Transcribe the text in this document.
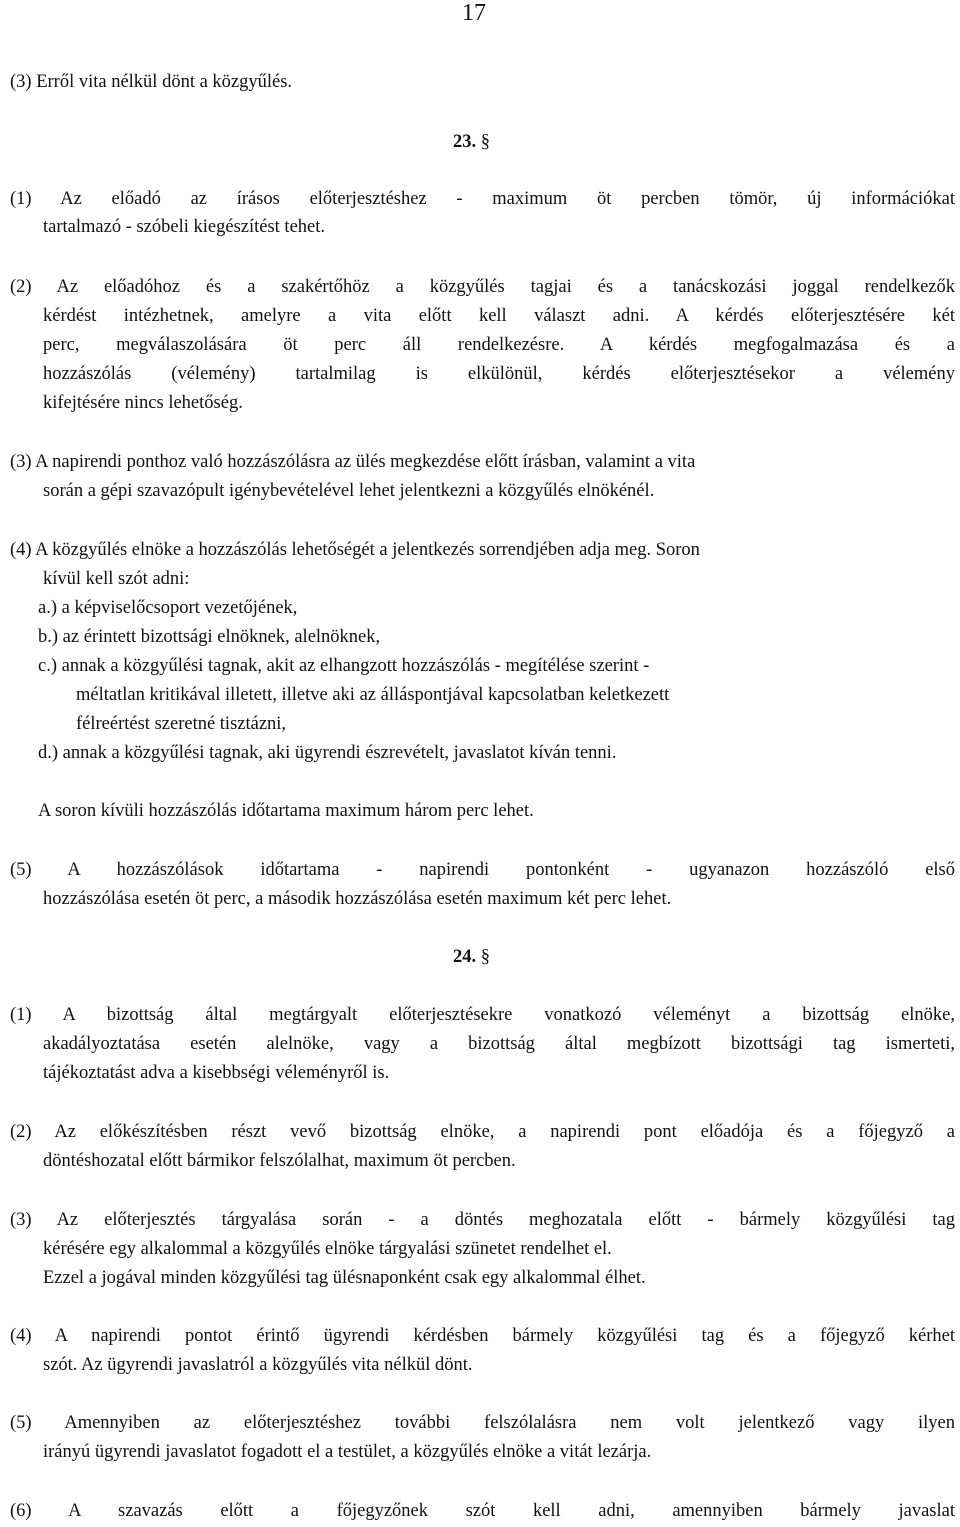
17
(3) Erről vita nélkül dönt a közgyűlés.
23. §
(1) Az előadó az írásos előterjesztéshez - maximum öt percben tömör, új információkat
tartalmazó - szóbeli kiegészítést tehet.
(2) Az előadóhoz és a szakértőhöz a közgyűlés tagjai és a tanácskozási joggal rendelkezők
kérdést intézhetnek, amelyre a vita előtt kell választ adni. A kérdés előterjesztésére két
perc, megválaszolására öt perc áll rendelkezésre. A kérdés megfogalmazása és a
hozzászólás (vélemény) tartalmilag is elkülönül, kérdés előterjesztésekor a vélemény
kifejtésére nincs lehetőség.
(3) A napirendi ponthoz való hozzászólásra az ülés megkezdése előtt írásban, valamint a vita
során a gépi szavazópult igénybevételével lehet jelentkezni a közgyűlés elnökénél.
(4) A közgyűlés elnöke a hozzászólás lehetőségét a jelentkezés sorrendjében adja meg. Soron
kívül kell szót adni:
a.) a képviselőcsoport vezetőjének,
b.) az érintett bizottsági elnöknek, alelnöknek,
c.) annak a közgyűlési tagnak, akit az elhangzott hozzászólás - megítélése szerint -
méltatlan kritikával illetett, illetve aki az álláspontjával kapcsolatban keletkezett
félreértést szeretné tisztázni,
d.) annak a közgyűlési tagnak, aki ügyrendi észrevételt, javaslatot kíván tenni.
A soron kívüli hozzászólás időtartama maximum három perc lehet.
(5) A hozzászólások időtartama - napirendi pontonként - ugyanazon hozzászóló első
hozzászólása esetén öt perc, a második hozzászólása esetén maximum két perc lehet.
24. §
(1) A bizottság által megtárgyalt előterjesztésekre vonatkozó véleményt a bizottság elnöke,
akadályoztatása esetén alelnöke, vagy a bizottság által megbízott bizottsági tag ismerteti,
tájékoztatást adva a kisebbségi véleményről is.
(2) Az előkészítésben részt vevő bizottság elnöke, a napirendi pont előadója és a főjegyző a
döntéshozatal előtt bármikor felszólalhat, maximum öt percben.
(3) Az előterjesztés tárgyalása során - a döntés meghozatala előtt - bármely közgyűlési tag
kérésére egy alkalommal a közgyűlés elnöke tárgyalási szünetet rendelhet el.
Ezzel a jogával minden közgyűlési tag ülésnaponként csak egy alkalommal élhet.
(4) A napirendi pontot érintő ügyrendi kérdésben bármely közgyűlési tag és a főjegyző kérhet
szót. Az ügyrendi javaslatról a közgyűlés vita nélkül dönt.
(5) Amennyiben az előterjesztéshez további felszólalásra nem volt jelentkező vagy ilyen
irányú ügyrendi javaslatot fogadott el a testület, a közgyűlés elnöke a vitát lezárja.
(6) A szavazás előtt a főjegyzőnek szót kell adni, amennyiben bármely javaslat
